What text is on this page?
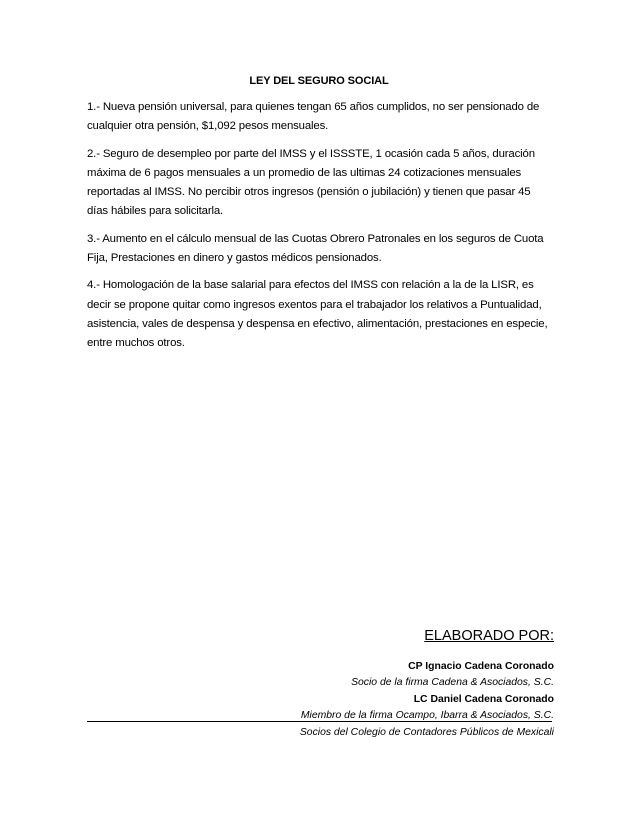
LEY DEL SEGURO SOCIAL

1.- Nueva pensión universal, para quienes tengan 65 años cumplidos, no ser pensionado de cualquier otra pensión, $1,092 pesos mensuales.

2.- Seguro de desempleo por parte del IMSS y el ISSSTE, 1 ocasión cada 5 años, duración máxima de 6 pagos mensuales a un promedio de las ultimas 24 cotizaciones mensuales reportadas al IMSS. No percibir otros ingresos (pensión o jubilación) y tienen que pasar 45 días hábiles para solicitarla.

3.- Aumento en el cálculo mensual de las Cuotas Obrero Patronales en los seguros de Cuota Fija, Prestaciones en dinero y gastos médicos pensionados.

4.- Homologación de la base salarial para efectos del IMSS con relación a la de la LISR, es decir se propone quitar como ingresos exentos para el trabajador los relativos a Puntualidad, asistencia, vales de despensa y despensa en efectivo, alimentación, prestaciones en especie, entre muchos otros.

ELABORADO POR:
CP Ignacio Cadena Coronado
Socio de la firma Cadena & Asociados, S.C.
LC Daniel Cadena Coronado
Miembro de la firma Ocampo, Ibarra & Asociados, S.C.
Socios del Colegio de Contadores Públicos de Mexicali
